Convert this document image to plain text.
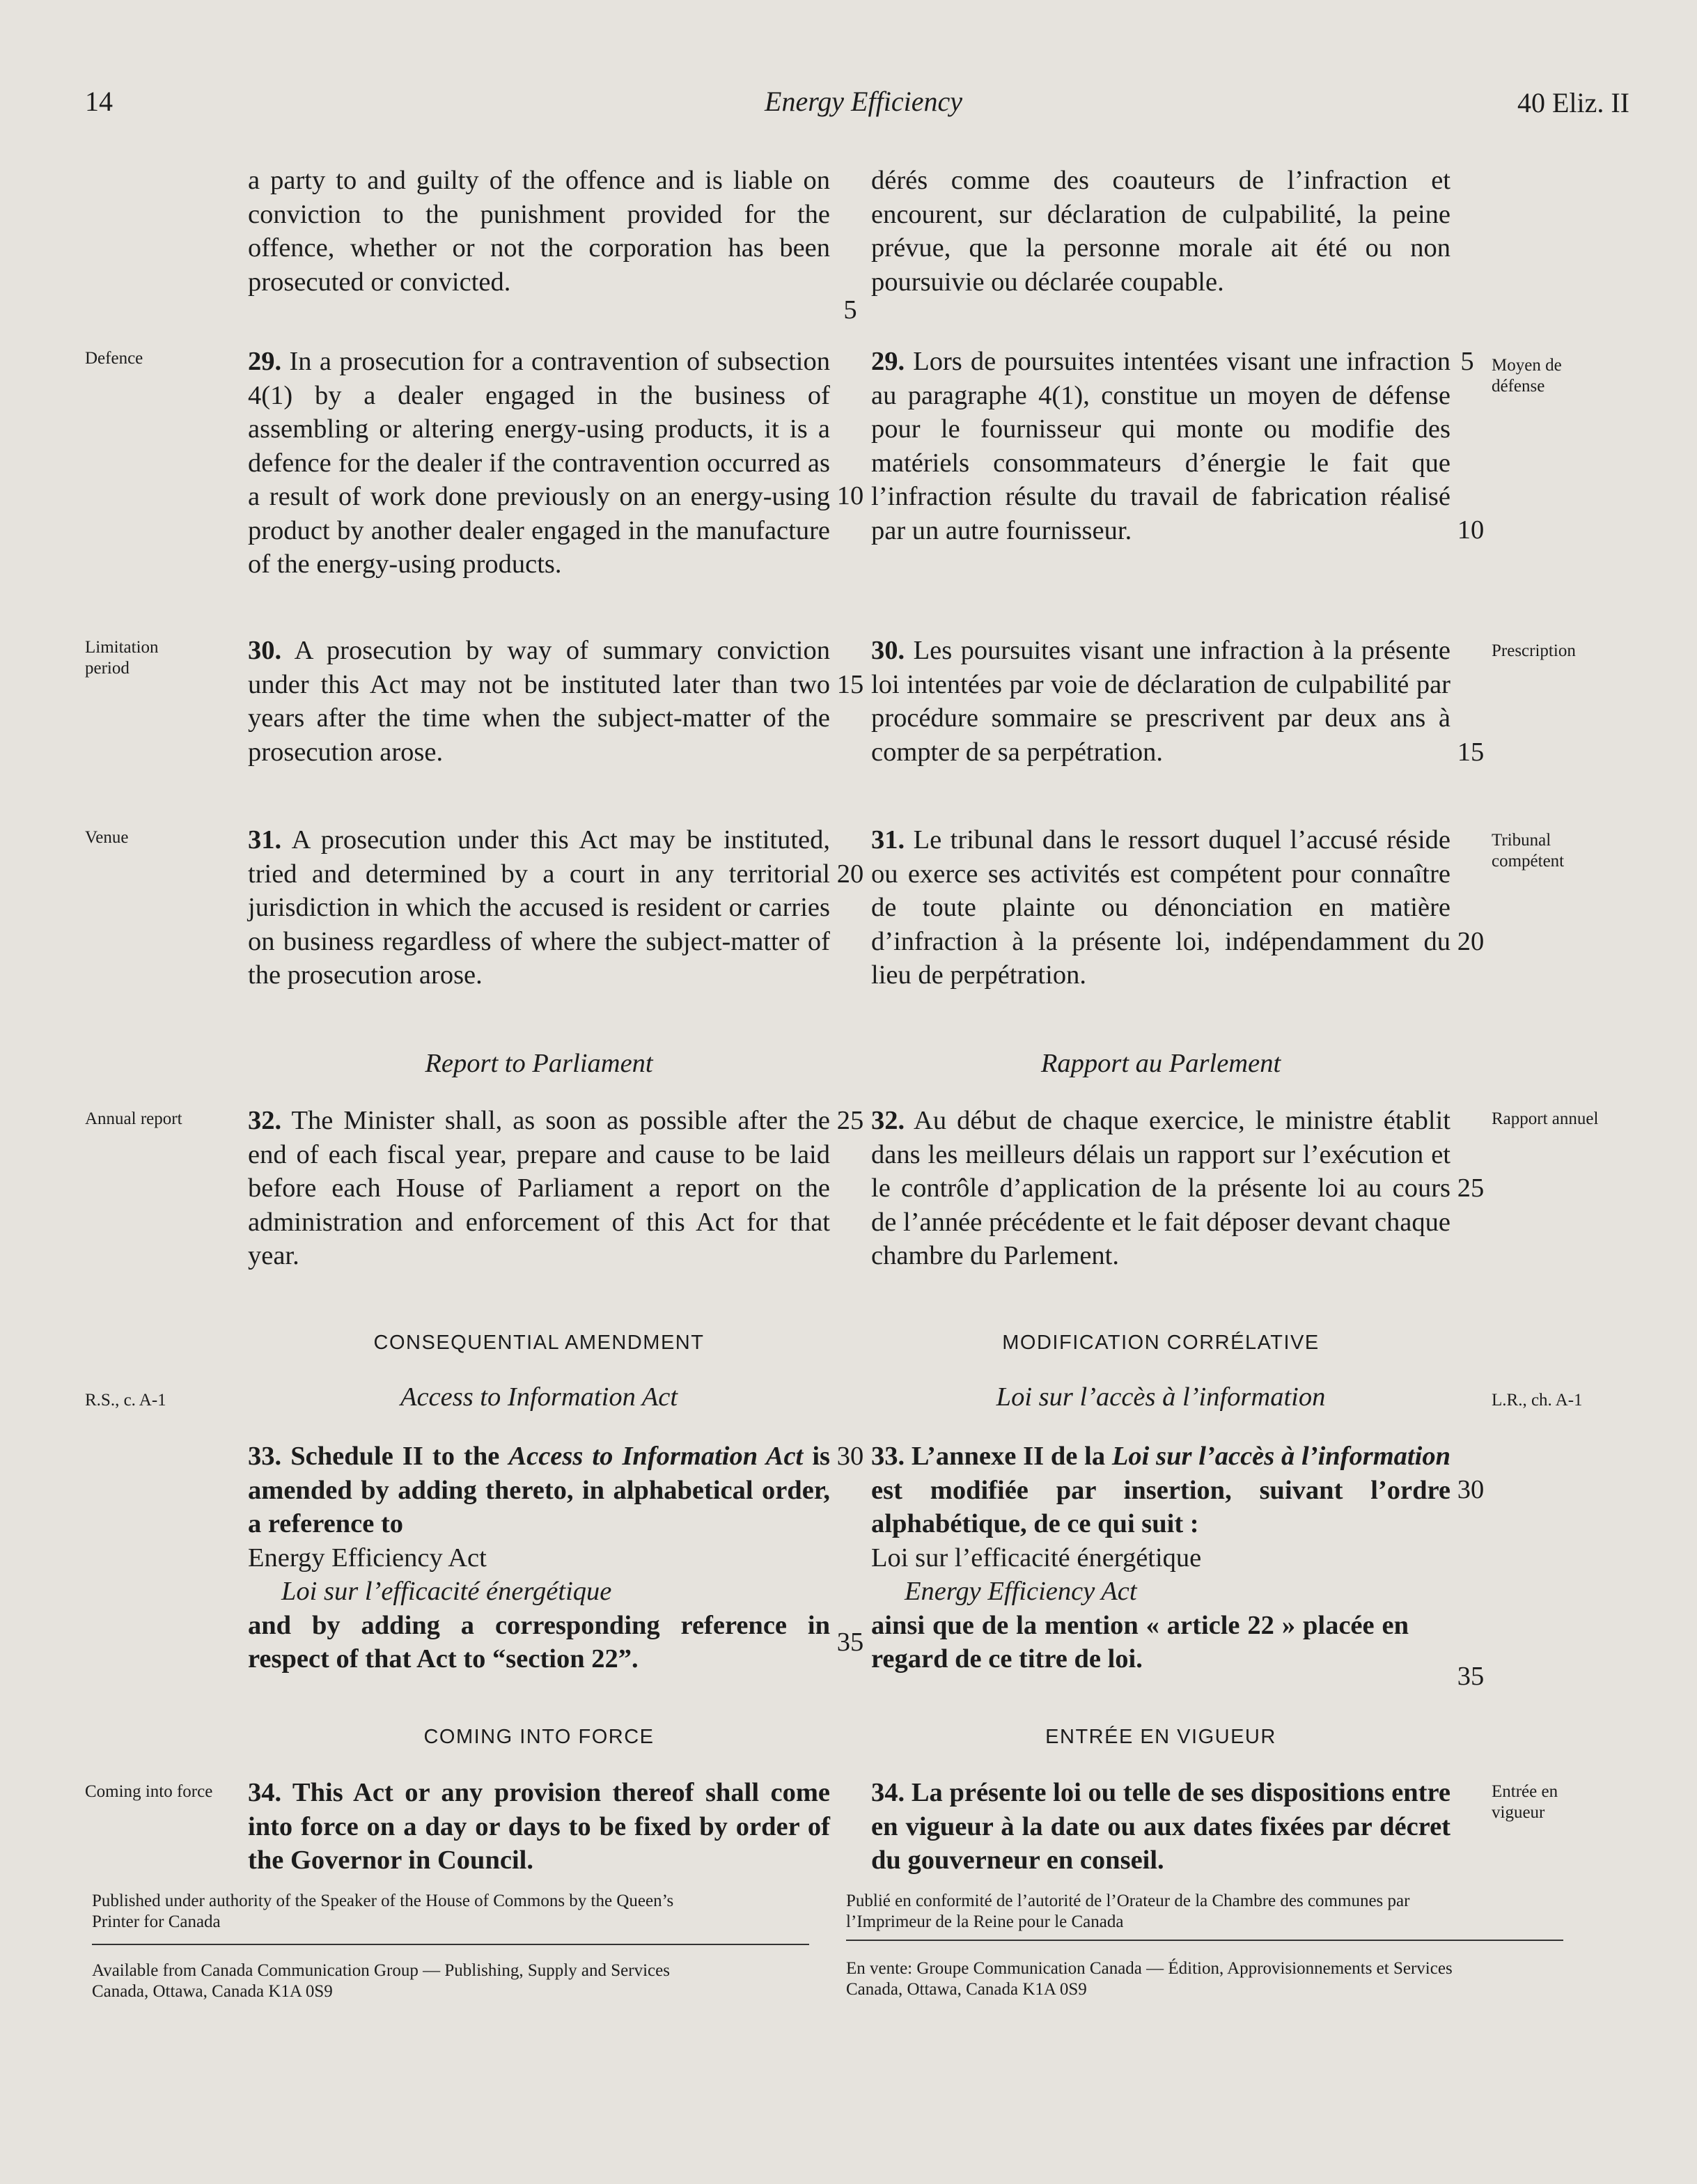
14	Energy Efficiency	40 Eliz. II

a party to and guilty of the offence and is liable on conviction to the punishment provided for the offence, whether or not the corporation has been prosecuted or convicted.

dérés comme des coauteurs de l’infraction et encourent, sur déclaration de culpabilité, la peine prévue, que la personne morale ait été ou non poursuivie ou déclarée coupable.

Defence	Moyen de défense

29. In a prosecution for a contravention of subsection 4(1) by a dealer engaged in the business of assembling or altering energy-using products, it is a defence for the dealer if the contravention occurred as a result of work done previously on an energy-using product by another dealer engaged in the manufacture of the energy-using products.

29. Lors de poursuites intentées visant une infraction au paragraphe 4(1), constitue un moyen de défense pour le fournisseur qui monte ou modifie des matériels consommateurs d’énergie le fait que l’infraction résulte du travail de fabrication réalisé par un autre fournisseur.

Limitation period
Prescription

30. A prosecution by way of summary conviction under this Act may not be instituted later than two years after the time when the subject-matter of the prosecution arose.

30. Les poursuites visant une infraction à la présente loi intentées par voie de déclaration de culpabilité par procédure sommaire se prescrivent par deux ans à compter de sa perpétration.

Venue	Tribunal compétent

31. A prosecution under this Act may be instituted, tried and determined by a court in any territorial jurisdiction in which the accused is resident or carries on business regardless of where the subject-matter of the prosecution arose.

31. Le tribunal dans le ressort duquel l’accusé réside ou exerce ses activités est compétent pour connaître de toute plainte ou dénonciation en matière d’infraction à la présente loi, indépendamment du lieu de perpétration.

Report to Parliament	Rapport au Parlement
Annual report	Rapport annuel

32. The Minister shall, as soon as possible after the end of each fiscal year, prepare and cause to be laid before each House of Parliament a report on the administration and enforcement of this Act for that year.

32. Au début de chaque exercice, le ministre établit dans les meilleurs délais un rapport sur l’exécution et le contrôle d’application de la présente loi au cours de l’année précédente et le fait déposer devant chaque chambre du Parlement.

CONSEQUENTIAL AMENDMENT	MODIFICATION CORRÉLATIVE
R.S., c. A-1	L.R., ch. A-1
Access to Information Act	Loi sur l’accès à l’information

33. Schedule II to the Access to Information Act is amended by adding thereto, in alphabetical order, a reference to

Energy Efficiency Act

Loi sur l’efficacité énergétique

and by adding a corresponding reference in respect of that Act to “section 22”.

33. L’annexe II de la Loi sur l’accès à l’information est modifiée par insertion, suivant l’ordre alphabétique, de ce qui suit :

Loi sur l’efficacité énergétique

Energy Efficiency Act

ainsi que de la mention « article 22 » placée en regard de ce titre de loi.

COMING INTO FORCE	ENTRÉE EN VIGUEUR
Coming into force	Entrée en vigueur

34. This Act or any provision thereof shall come into force on a day or days to be fixed by order of the Governor in Council.

34. La présente loi ou telle de ses dispositions entre en vigueur à la date ou aux dates fixées par décret du gouverneur en conseil.

5
10
15
20
25
30
35
5
10
15
20
25
30
35
Published under authority of the Speaker of the House of Commons by the Queen’s Printer for Canada
Publié en conformité de l’autorité de l’Orateur de la Chambre des communes par l’Imprimeur de la Reine pour le Canada
Available from Canada Communication Group — Publishing, Supply and Services Canada, Ottawa, Canada K1A 0S9
En vente: Groupe Communication Canada — Édition, Approvisionnements et Services Canada, Ottawa, Canada K1A 0S9
